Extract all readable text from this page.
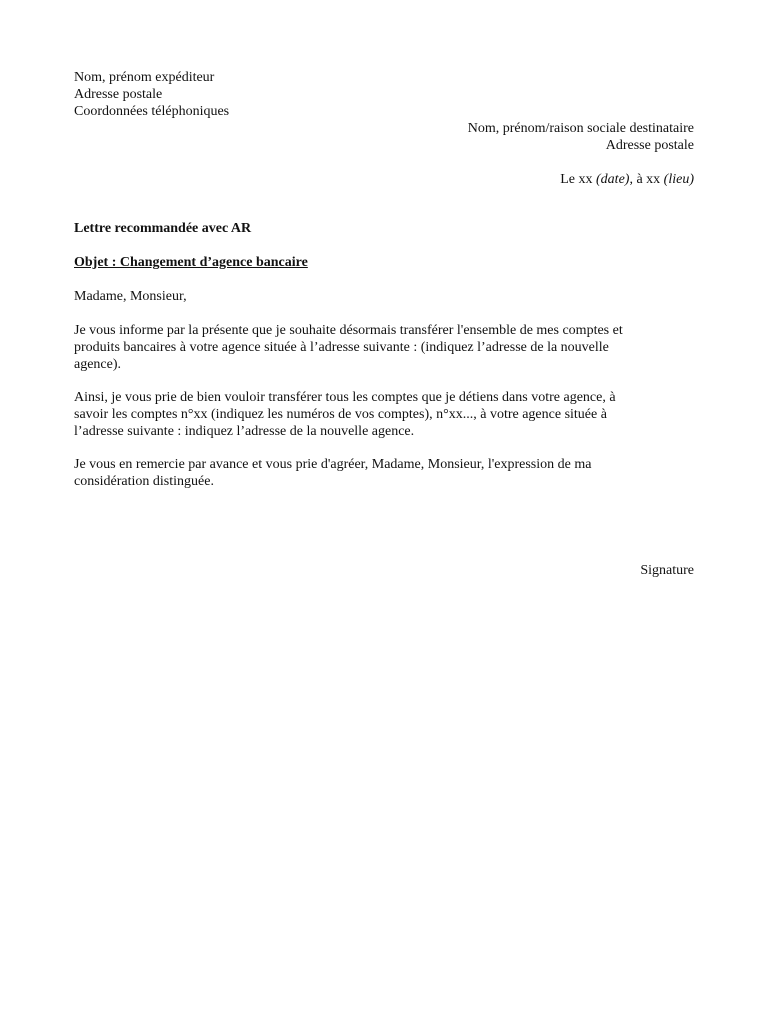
Nom, prénom expéditeur

Adresse postale

Coordonnées téléphoniques

Nom, prénom/raison sociale destinataire

Adresse postale

Le xx (date), à xx (lieu)

Lettre recommandée avec AR

Objet : Changement d’agence bancaire

Madame, Monsieur,

Je vous informe par la présente que je souhaite désormais transférer l'ensemble de mes comptes et
produits bancaires à votre agence située à l’adresse suivante : (indiquez l’adresse de la nouvelle
agence).

Ainsi, je vous prie de bien vouloir transférer tous les comptes que je détiens dans votre agence, à
savoir les comptes n°xx (indiquez les numéros de vos comptes), n°xx..., à votre agence située à
l’adresse suivante : indiquez l’adresse de la nouvelle agence.

Je vous en remercie par avance et vous prie d'agréer, Madame, Monsieur, l'expression de ma
considération distinguée.

Signature
